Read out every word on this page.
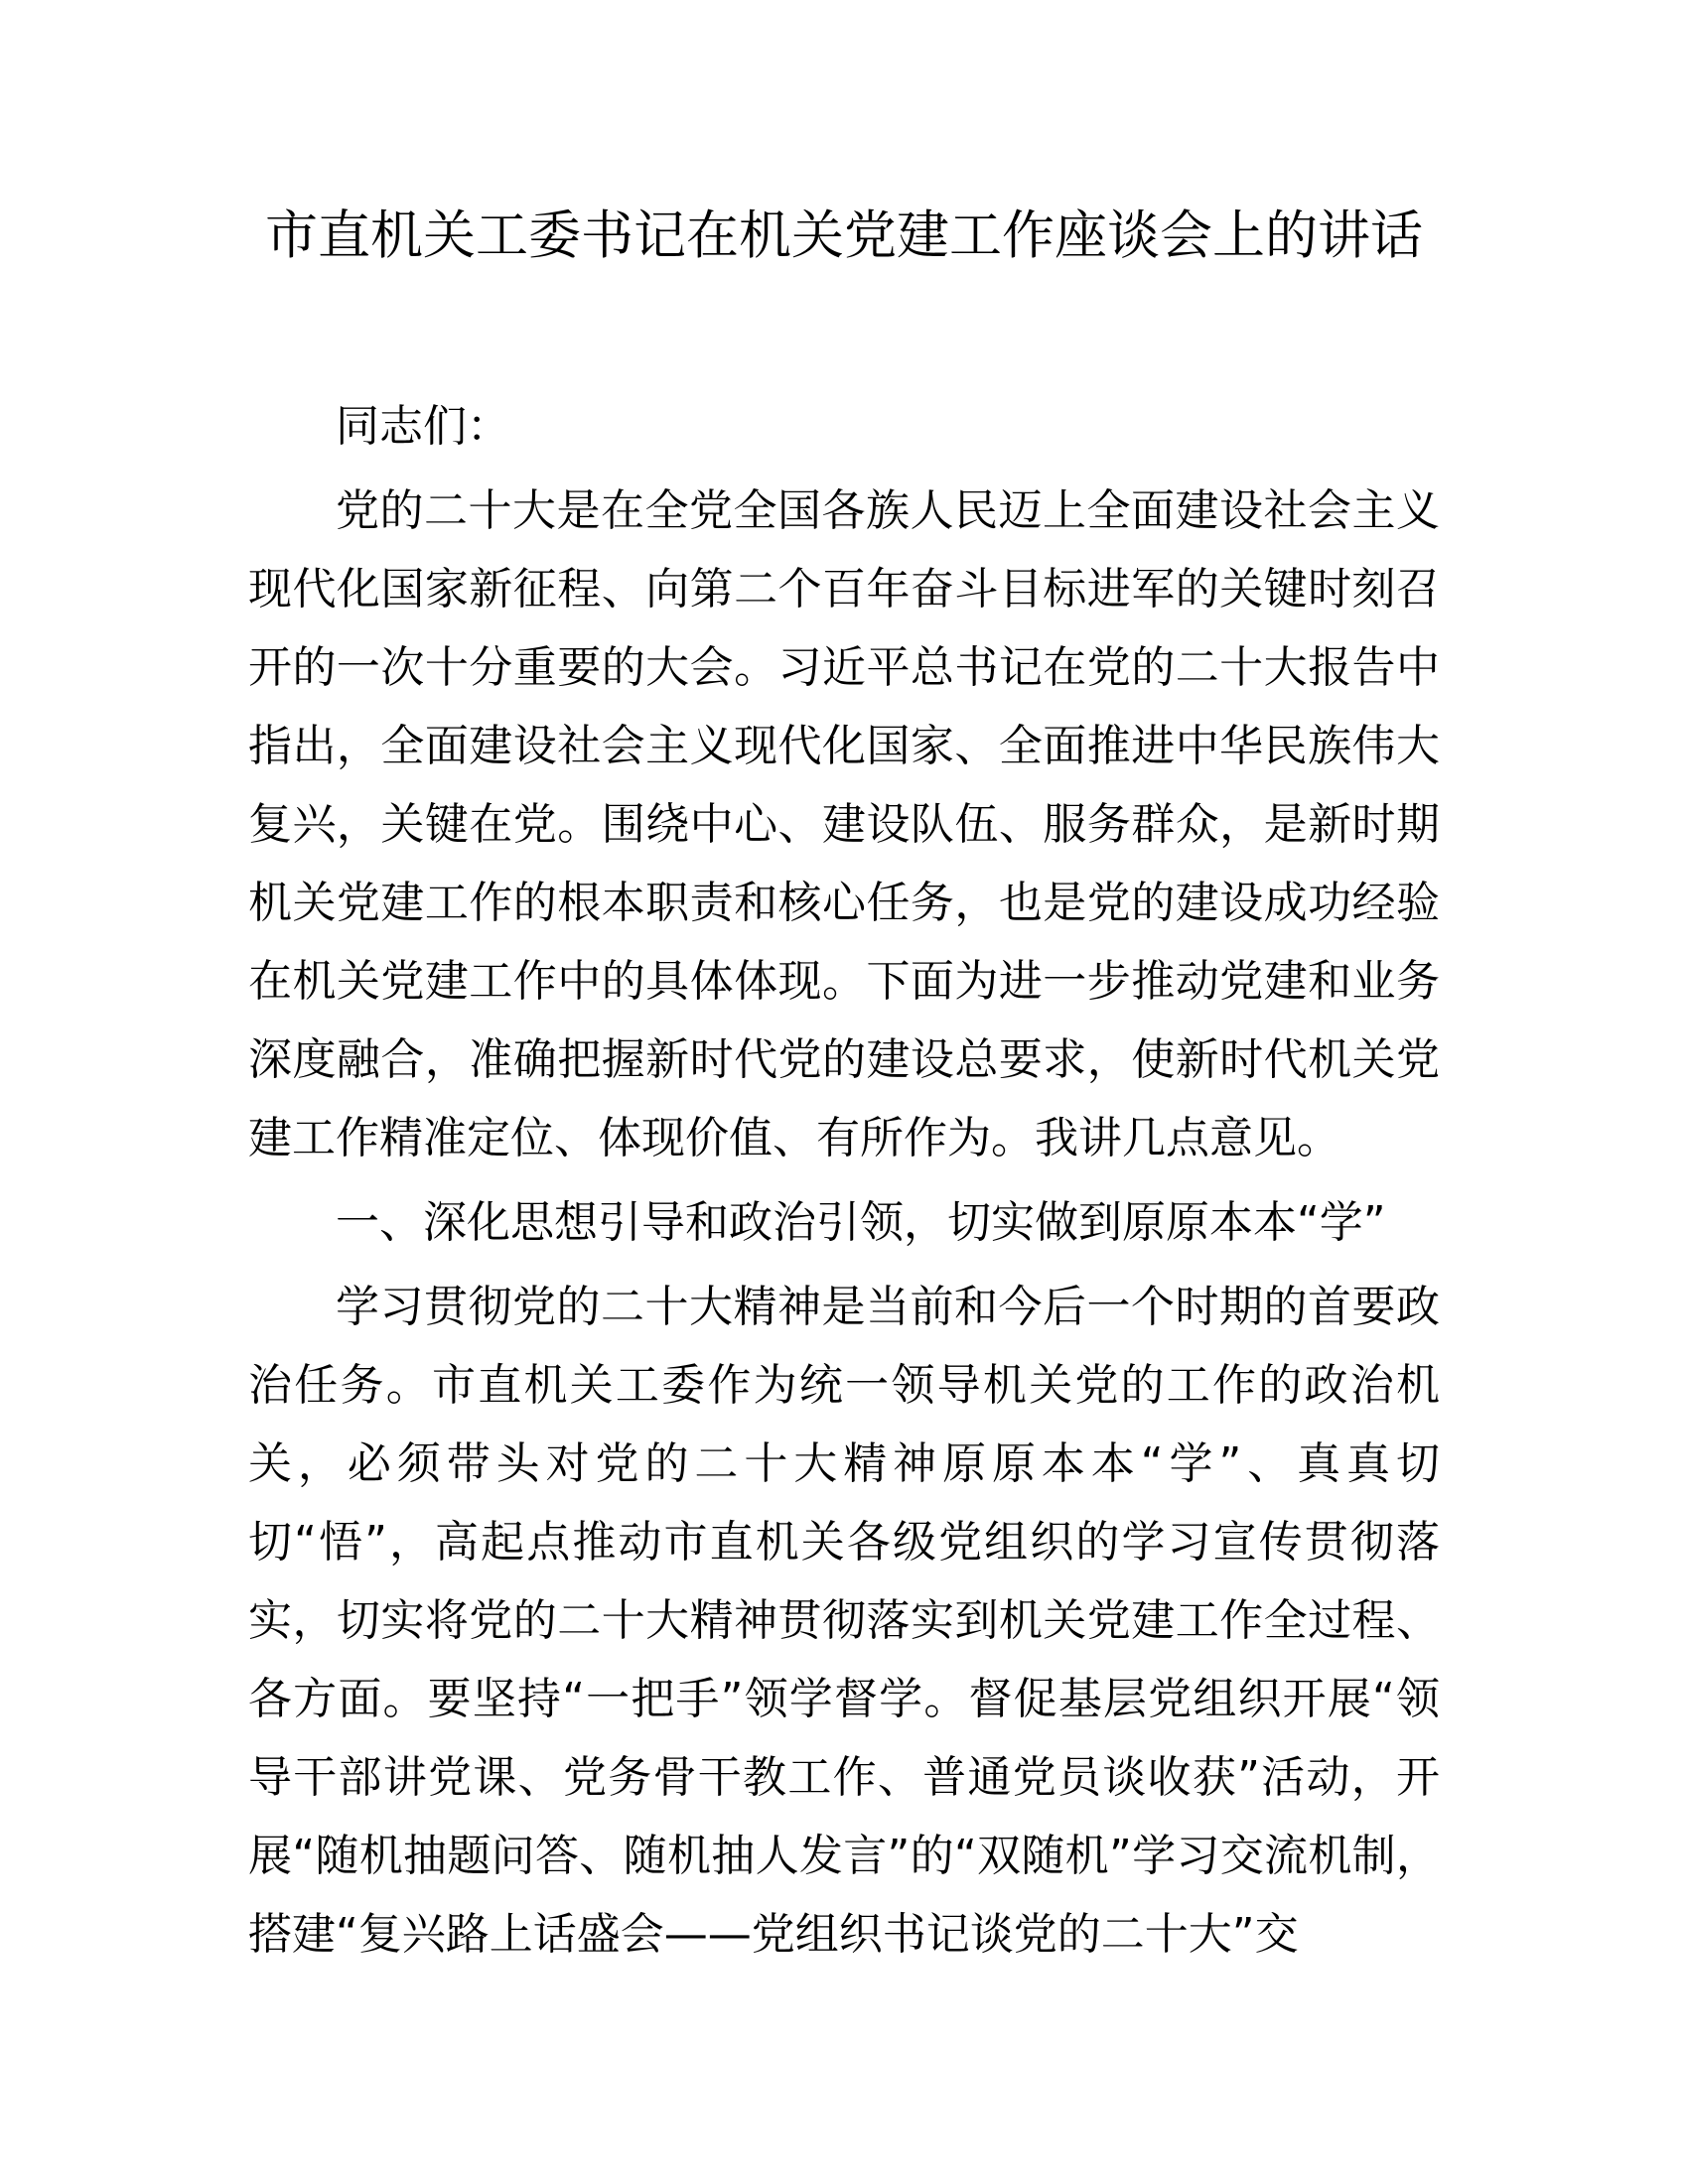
市直机关工委书记在机关党建工作座谈会上的讲话

同志们：

党的二十大是在全党全国各族人民迈上全面建设社会主义现代化国家新征程、向第二个百年奋斗目标进军的关键时刻召开的一次十分重要的大会。习近平总书记在党的二十大报告中指出，全面建设社会主义现代化国家、全面推进中华民族伟大复兴，关键在党。围绕中心、建设队伍、服务群众，是新时期机关党建工作的根本职责和核心任务，也是党的建设成功经验在机关党建工作中的具体体现。下面为进一步推动党建和业务深度融合，准确把握新时代党的建设总要求，使新时代机关党建工作精准定位、体现价值、有所作为。我讲几点意见。

一、深化思想引导和政治引领，切实做到原原本本“学”

学习贯彻党的二十大精神是当前和今后一个时期的首要政治任务。市直机关工委作为统一领导机关党的工作的政治机关，必须带头对党的二十大精神原原本本“学”、真真切切“悟”，高起点推动市直机关各级党组织的学习宣传贯彻落实，切实将党的二十大精神贯彻落实到机关党建工作全过程、各方面。要坚持“一把手”领学督学。督促基层党组织开展“领导干部讲党课、党务骨干教工作、普通党员谈收获”活动，开展“随机抽题问答、随机抽人发言”的“双随机”学习交流机制，搭建“复兴路上话盛会——党组织书记谈党的二十大”交
